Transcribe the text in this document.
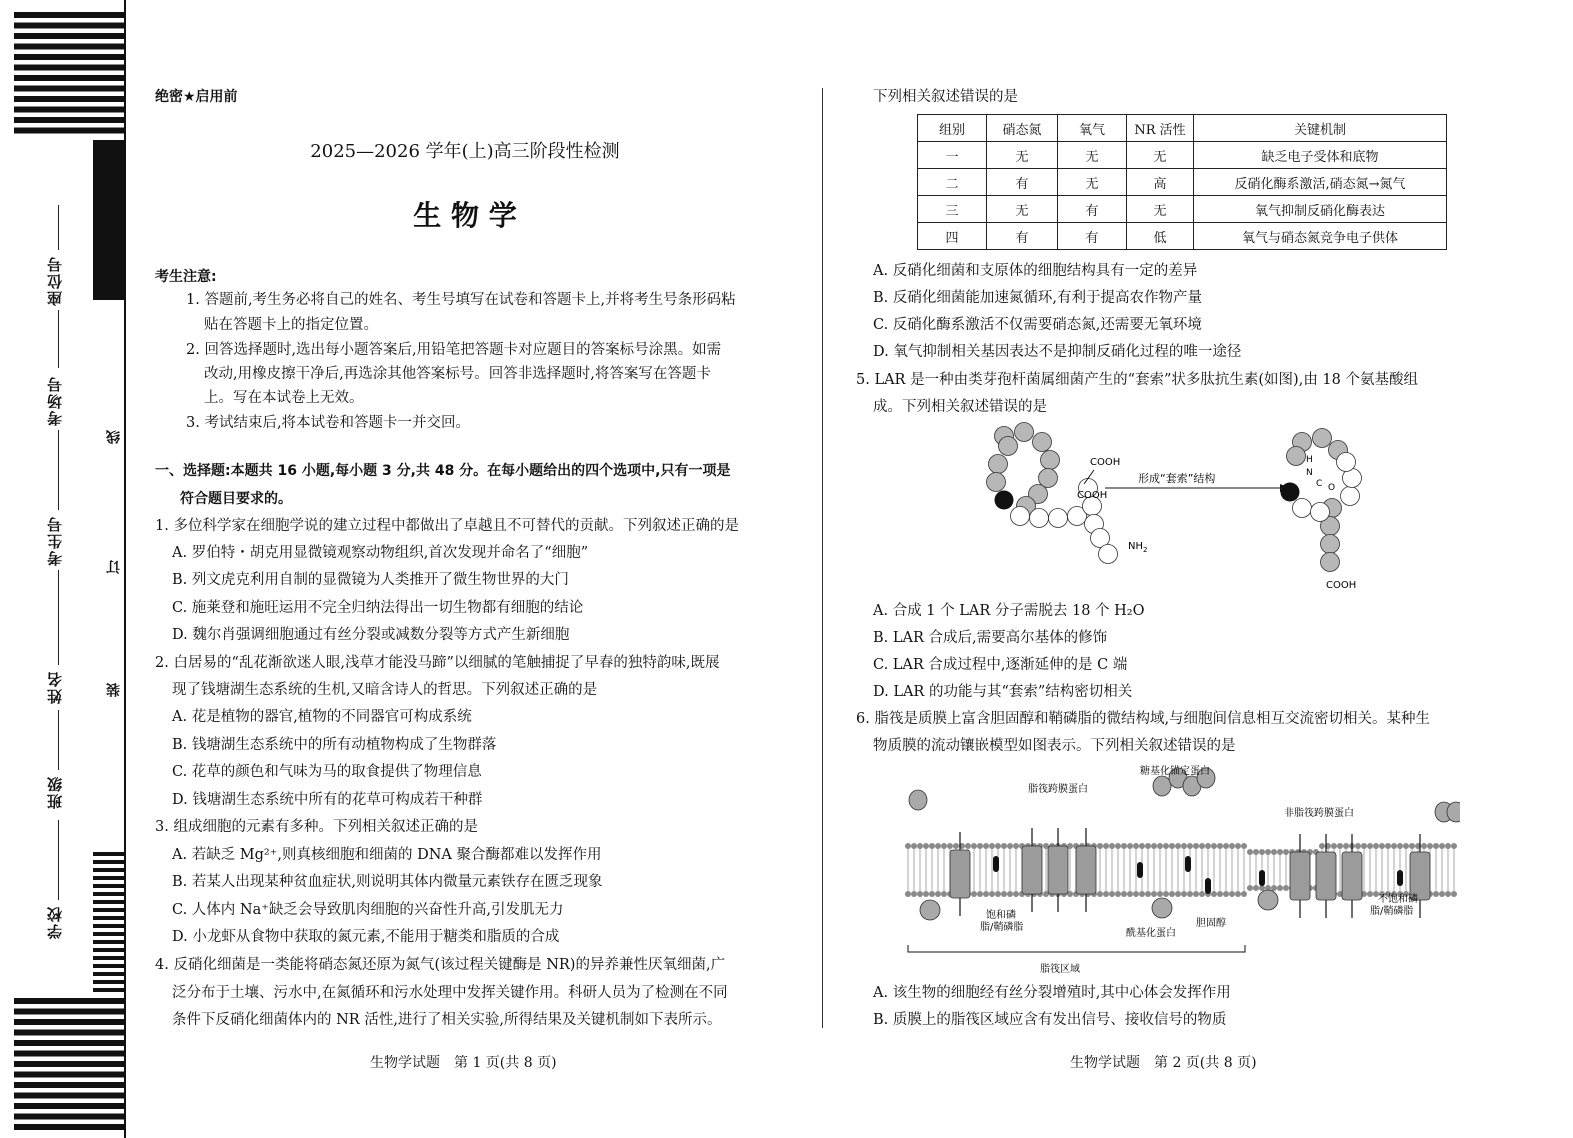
座位号
考场号
考生号
姓名
班级
学校
线
订
装
绝密★启用前
2025—2026 学年(上)高三阶段性检测
生 物 学
考生注意:
1. 答题前,考生务必将自己的姓名、考生号填写在试卷和答题卡上,并将考生号条形码粘
贴在答题卡上的指定位置。
2. 回答选择题时,选出每小题答案后,用铅笔把答题卡对应题目的答案标号涂黑。如需
改动,用橡皮擦干净后,再选涂其他答案标号。回答非选择题时,将答案写在答题卡
上。写在本试卷上无效。
3. 考试结束后,将本试卷和答题卡一并交回。
一、选择题:本题共 16 小题,每小题 3 分,共 48 分。在每小题给出的四个选项中,只有一项是
符合题目要求的。
1. 多位科学家在细胞学说的建立过程中都做出了卓越且不可替代的贡献。下列叙述正确的是
A. 罗伯特・胡克用显微镜观察动物组织,首次发现并命名了“细胞”
B. 列文虎克利用自制的显微镜为人类推开了微生物世界的大门
C. 施莱登和施旺运用不完全归纳法得出一切生物都有细胞的结论
D. 魏尔肖强调细胞通过有丝分裂或减数分裂等方式产生新细胞
2. 白居易的“乱花渐欲迷人眼,浅草才能没马蹄”以细腻的笔触捕捉了早春的独特韵味,既展
现了钱塘湖生态系统的生机,又暗含诗人的哲思。下列叙述正确的是
A. 花是植物的器官,植物的不同器官可构成系统
B. 钱塘湖生态系统中的所有动植物构成了生物群落
C. 花草的颜色和气味为马的取食提供了物理信息
D. 钱塘湖生态系统中所有的花草可构成若干种群
3. 组成细胞的元素有多种。下列相关叙述正确的是
A. 若缺乏 Mg²⁺,则真核细胞和细菌的 DNA 聚合酶都难以发挥作用
B. 若某人出现某种贫血症状,则说明其体内微量元素铁存在匮乏现象
C. 人体内 Na⁺缺乏会导致肌肉细胞的兴奋性升高,引发肌无力
D. 小龙虾从食物中获取的氮元素,不能用于糖类和脂质的合成
4. 反硝化细菌是一类能将硝态氮还原为氮气(该过程关键酶是 NR)的异养兼性厌氧细菌,广
泛分布于土壤、污水中,在氮循环和污水处理中发挥关键作用。科研人员为了检测在不同
条件下反硝化细菌体内的 NR 活性,进行了相关实验,所得结果及关键机制如下表所示。
生物学试题　第 1 页(共 8 页)
下列相关叙述错误的是
组别	硝态氮	氧气	NR 活性	关键机制
一	无	无	无	缺乏电子受体和底物
二	有	无	高	反硝化酶系激活,硝态氮→氮气
三	无	有	无	氧气抑制反硝化酶表达
四	有	有	低	氧气与硝态氮竞争电子供体
A. 反硝化细菌和支原体的细胞结构具有一定的差异
B. 反硝化细菌能加速氮循环,有利于提高农作物产量
C. 反硝化酶系激活不仅需要硝态氮,还需要无氧环境
D. 氧气抑制相关基因表达不是抑制反硝化过程的唯一途径
5. LAR 是一种由类芽孢杆菌属细菌产生的“套索”状多肽抗生素(如图),由 18 个氨基酸组
成。下列相关叙述错误的是
COOH
COOH
$NH_2$
形成“套索”结构
H
N
C O
COOH
A. 合成 1 个 LAR 分子需脱去 18 个 H₂O
B. LAR 合成后,需要高尔基体的修饰
C. LAR 合成过程中,逐渐延伸的是 C 端
D. LAR 的功能与其“套索”结构密切相关
6. 脂筏是质膜上富含胆固醇和鞘磷脂的微结构域,与细胞间信息相互交流密切相关。某种生
物质膜的流动镶嵌模型如图表示。下列相关叙述错误的是
脂筏跨膜蛋白
糖基化锚定蛋白
非脂筏跨膜蛋白
饱和磷
脂/鞘磷脂
酰基化蛋白
胆固醇
不饱和磷
脂/鞘磷脂
脂筏区域
A. 该生物的细胞经有丝分裂增殖时,其中心体会发挥作用
B. 质膜上的脂筏区域应含有发出信号、接收信号的物质
生物学试题　第 2 页(共 8 页)
